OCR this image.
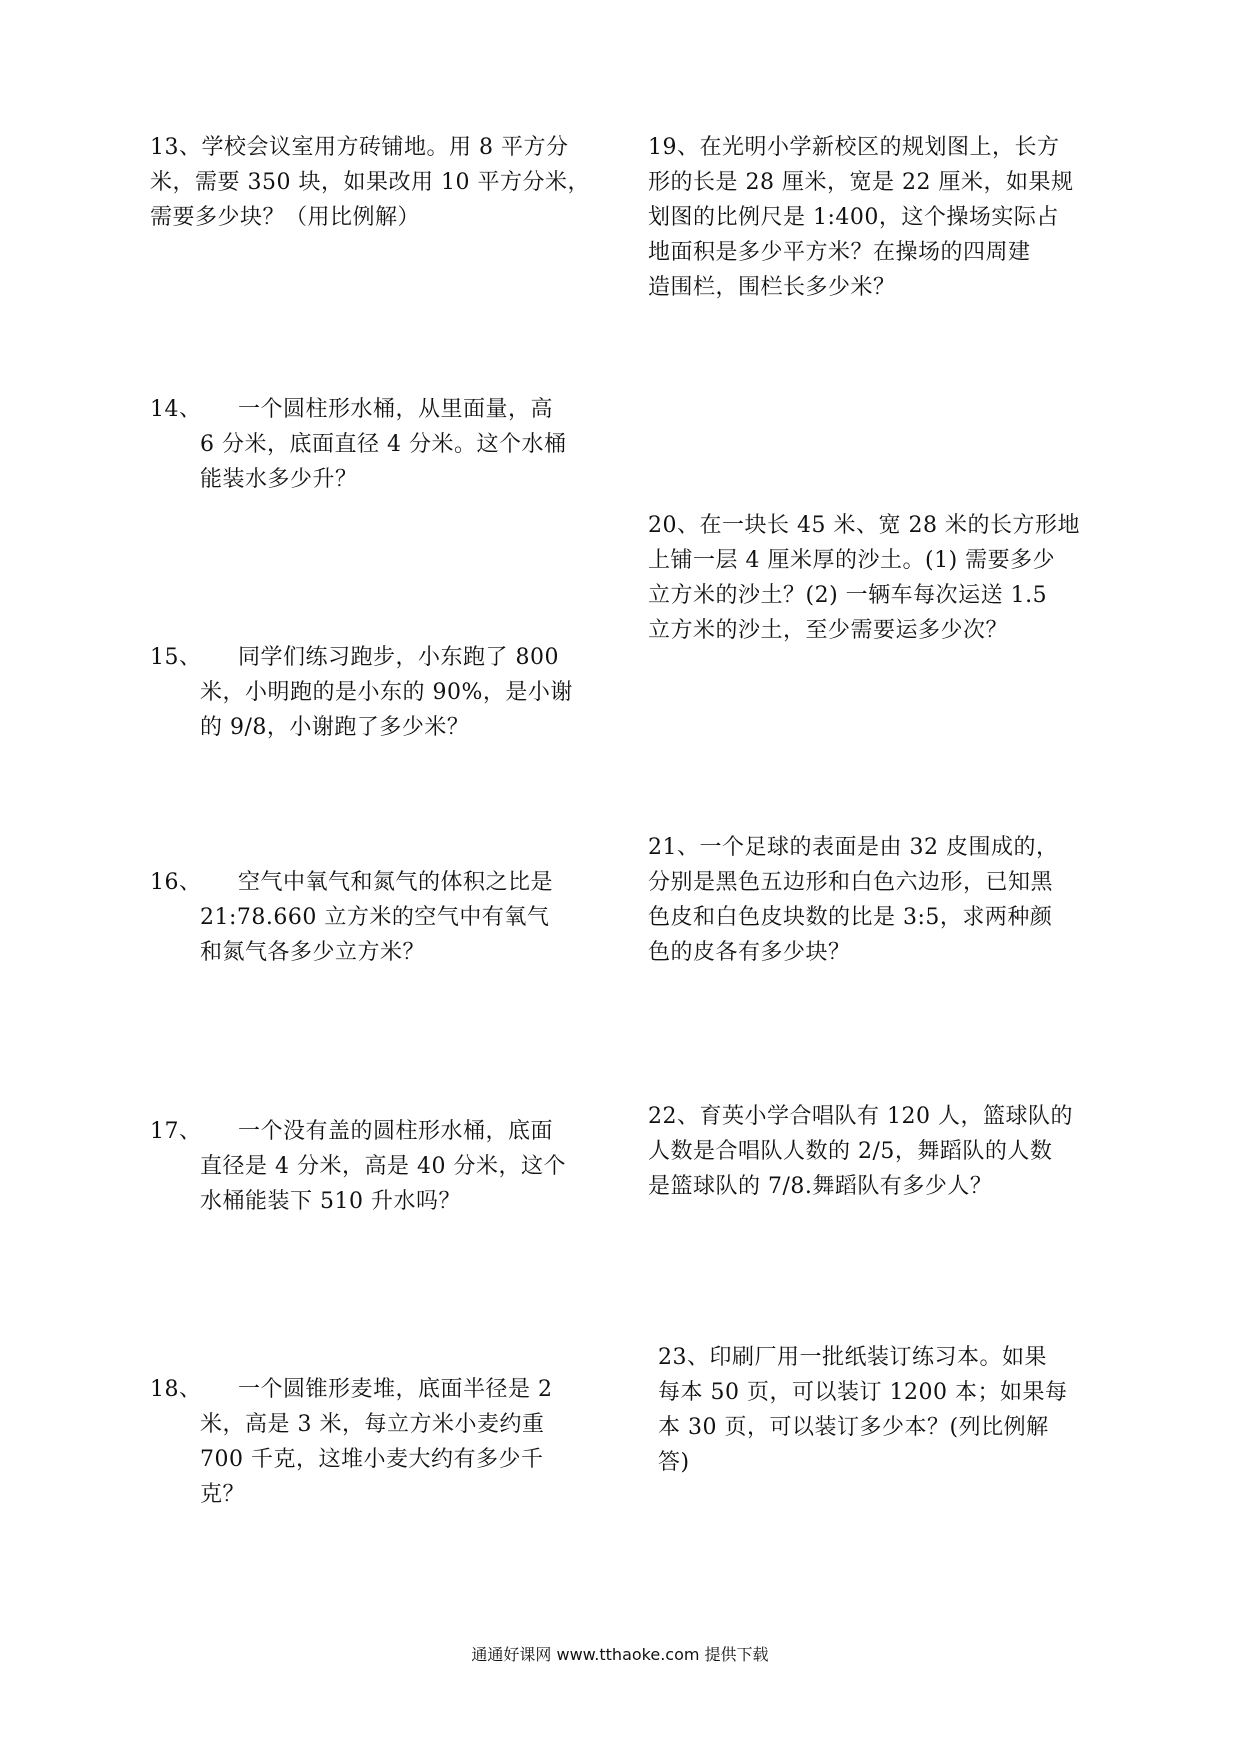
13、学校会议室用方砖铺地。用 8 平方分
米，需要 350 块，如果改用 10 平方分米，
需要多少块？（用比例解）
14、 一个圆柱形水桶，从里面量，高
6 分米，底面直径 4 分米。这个水桶
能装水多少升？
15、 同学们练习跑步，小东跑了 800
米，小明跑的是小东的 90%，是小谢
的 9/8，小谢跑了多少米？
16、 空气中氧气和氮气的体积之比是
21:78.660 立方米的空气中有氧气
和氮气各多少立方米？
17、 一个没有盖的圆柱形水桶，底面
直径是 4 分米，高是 40 分米，这个
水桶能装下 510 升水吗？
18、 一个圆锥形麦堆，底面半径是 2
米，高是 3 米，每立方米小麦约重
700 千克，这堆小麦大约有多少千
克？
19、在光明小学新校区的规划图上，长方
形的长是 28 厘米，宽是 22 厘米，如果规
划图的比例尺是 1:400，这个操场实际占
地面积是多少平方米？在操场的四周建
造围栏，围栏长多少米？
20、在一块长 45 米、宽 28 米的长方形地
上铺一层 4 厘米厚的沙土。(1) 需要多少
立方米的沙土？(2) 一辆车每次运送 1.5
立方米的沙土，至少需要运多少次？
21、一个足球的表面是由 32 皮围成的，
分别是黑色五边形和白色六边形，已知黑
色皮和白色皮块数的比是 3:5，求两种颜
色的皮各有多少块？
22、育英小学合唱队有 120 人，篮球队的
人数是合唱队人数的 2/5，舞蹈队的人数
是篮球队的 7/8.舞蹈队有多少人？
23、印刷厂用一批纸装订练习本。如果
每本 50 页，可以装订 1200 本；如果每
本 30 页，可以装订多少本？(列比例解
答)
通通好课网 www.tthaoke.com 提供下载
